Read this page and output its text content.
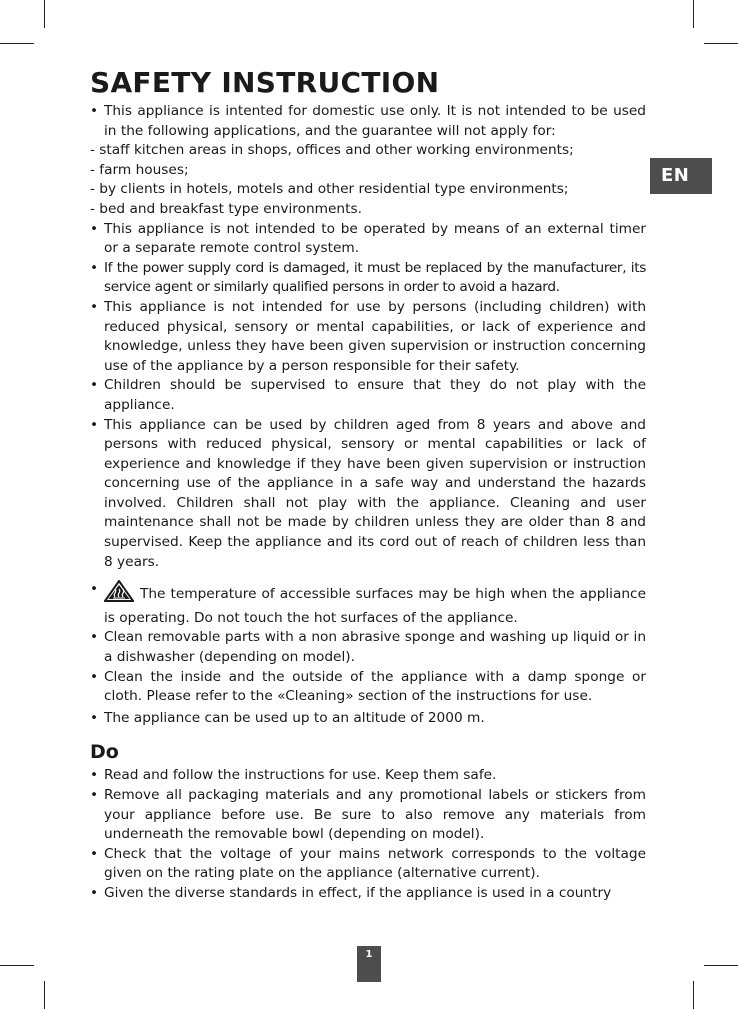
EN
SAFETY INSTRUCTION
• This appliance is intented for domestic use only. It is not intended to be used in the following applications, and the guarantee will not apply for:
- staff kitchen areas in shops, offices and other working environments;
- farm houses;
- by clients in hotels, motels and other residential type environments;
- bed and breakfast type environments.
• This appliance is not intended to be operated by means of an external timer or a separate remote control system.
• If the power supply cord is damaged, it must be replaced by the manufacturer, its service agent or similarly qualified persons in order to avoid a hazard.
• This appliance is not intended for use by persons (including children) with reduced physical, sensory or mental capabilities, or lack of experience and knowledge, unless they have been given supervision or instruction concerning use of the appliance by a person responsible for their safety.
• Children should be supervised to ensure that they do not play with the appliance.
• This appliance can be used by children aged from 8 years and above and persons with reduced physical, sensory or mental capabilities or lack of experience and knowledge if they have been given supervision or instruction concerning use of the appliance in a safe way and understand the hazards involved. Children shall not play with the appliance. Cleaning and user maintenance shall not be made by children unless they are older than 8 and supervised. Keep the appliance and its cord out of reach of children less than 8 years.
• The temperature of accessible surfaces may be high when the appliance is operating. Do not touch the hot surfaces of the appliance.
• Clean removable parts with a non abrasive sponge and washing up liquid or in a dishwasher (depending on model).
• Clean the inside and the outside of the appliance with a damp sponge or cloth. Please refer to the «Cleaning» section of the instructions for use.
• The appliance can be used up to an altitude of 2000 m.
Do
• Read and follow the instructions for use. Keep them safe.
• Remove all packaging materials and any promotional labels or stickers from your appliance before use. Be sure to also remove any materials from underneath the removable bowl (depending on model).
• Check that the voltage of your mains network corresponds to the voltage given on the rating plate on the appliance (alternative current).
• Given the diverse standards in effect, if the appliance is used in a country
1
